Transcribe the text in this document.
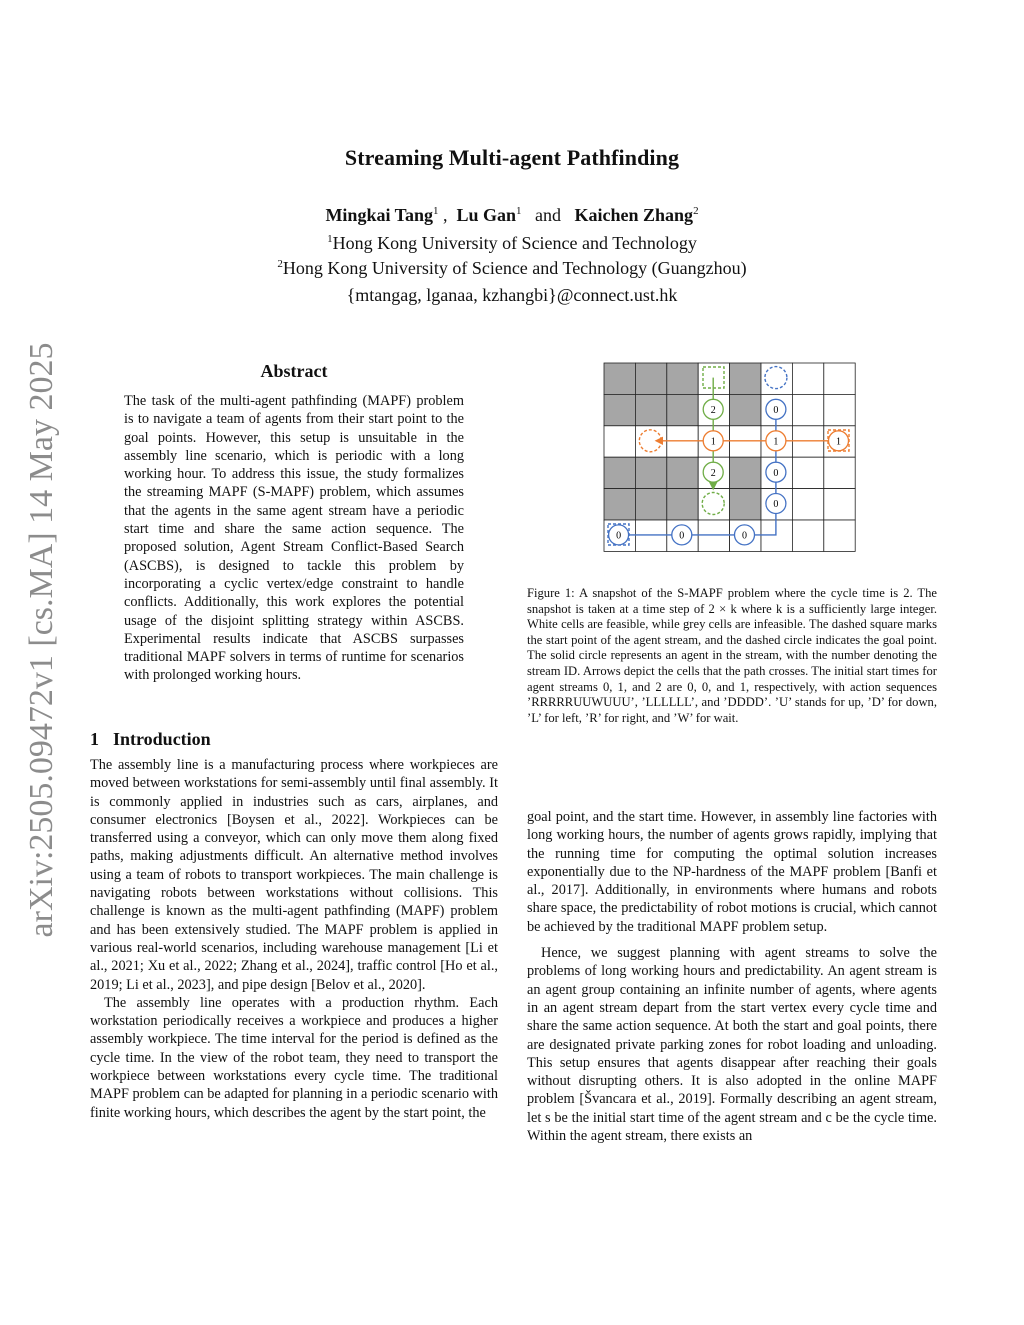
arXiv:2505.09472v1 [cs.MA] 14 May 2025
Streaming Multi-agent Pathfinding
Mingkai Tang$^1$ , Lu Gan$^1$ and Kaichen Zhang$^2$
$^1$Hong Kong University of Science and Technology
$^2$Hong Kong University of Science and Technology (Guangzhou)
{mtangag, lganaa, kzhangbi}@connect.ust.hk
Abstract
The task of the multi-agent pathfinding (MAPF) problem is to navigate a team of agents from their start point to the goal points. However, this setup is unsuitable in the assembly line scenario, which is periodic with a long working hour. To address this issue, the study formalizes the streaming MAPF (S-MAPF) problem, which assumes that the agents in the same agent stream have a periodic start time and share the same action sequence. The proposed solution, Agent Stream Conflict-Based Search (ASCBS), is designed to tackle this problem by incorporating a cyclic vertex/edge constraint to handle conflicts. Additionally, this work explores the potential usage of the disjoint splitting strategy within ASCBS. Experimental results indicate that ASCBS surpasses traditional MAPF solvers in terms of runtime for scenarios with prolonged working hours.
1 Introduction

The assembly line is a manufacturing process where workpieces are moved between workstations for semi-assembly until final assembly. It is commonly applied in industries such as cars, airplanes, and consumer electronics [Boysen et al., 2022]. Workpieces can be transferred using a conveyor, which can only move them along fixed paths, making adjustments difficult. An alternative method involves using a team of robots to transport workpieces. The main challenge is navigating robots between workstations without collisions. This challenge is known as the multi-agent pathfinding (MAPF) problem and has been extensively studied. The MAPF problem is applied in various real-world scenarios, including warehouse management [Li et al., 2021; Xu et al., 2022; Zhang et al., 2024], traffic control [Ho et al., 2019; Li et al., 2023], and pipe design [Belov et al., 2020].

The assembly line operates with a production rhythm. Each workstation periodically receives a workpiece and produces a higher assembly workpiece. The time interval for the period is defined as the cycle time. In the view of the robot team, they need to transport the workpiece between workstations every cycle time. The traditional MAPF problem can be adapted for planning in a periodic scenario with finite working hours, which describes the agent by the start point, the

2	0
1	1	1
2	0
0
0	0	0
Figure 1: A snapshot of the S-MAPF problem where the cycle time is 2. The snapshot is taken at a time step of 2 × k where k is a sufficiently large integer. White cells are feasible, while grey cells are infeasible. The dashed square marks the start point of the agent stream, and the dashed circle indicates the goal point. The solid circle represents an agent in the stream, with the number denoting the stream ID. Arrows depict the cells that the path crosses. The initial start times for agent streams 0, 1, and 2 are 0, 0, and 1, respectively, with action sequences ’RRRRRUUWUUU’, ’LLLLLL’, and ’DDDD’. ’U’ stands for up, ’D’ for down, ’L’ for left, ’R’ for right, and ’W’ for wait.

goal point, and the start time. However, in assembly line factories with long working hours, the number of agents grows rapidly, implying that the running time for computing the optimal solution increases exponentially due to the NP-hardness of the MAPF problem [Banfi et al., 2017]. Additionally, in environments where humans and robots share space, the predictability of robot motions is crucial, which cannot be achieved by the traditional MAPF problem setup.

Hence, we suggest planning with agent streams to solve the problems of long working hours and predictability. An agent stream is an agent group containing an infinite number of agents, where agents in an agent stream depart from the start vertex every cycle time and share the same action sequence. At both the start and goal points, there are designated private parking zones for robot loading and unloading. This setup ensures that agents disappear after reaching their goals without disrupting others. It is also adopted in the online MAPF problem [Švancara et al., 2019]. Formally describing an agent stream, let s be the initial start time of the agent stream and c be the cycle time. Within the agent stream, there exists an
